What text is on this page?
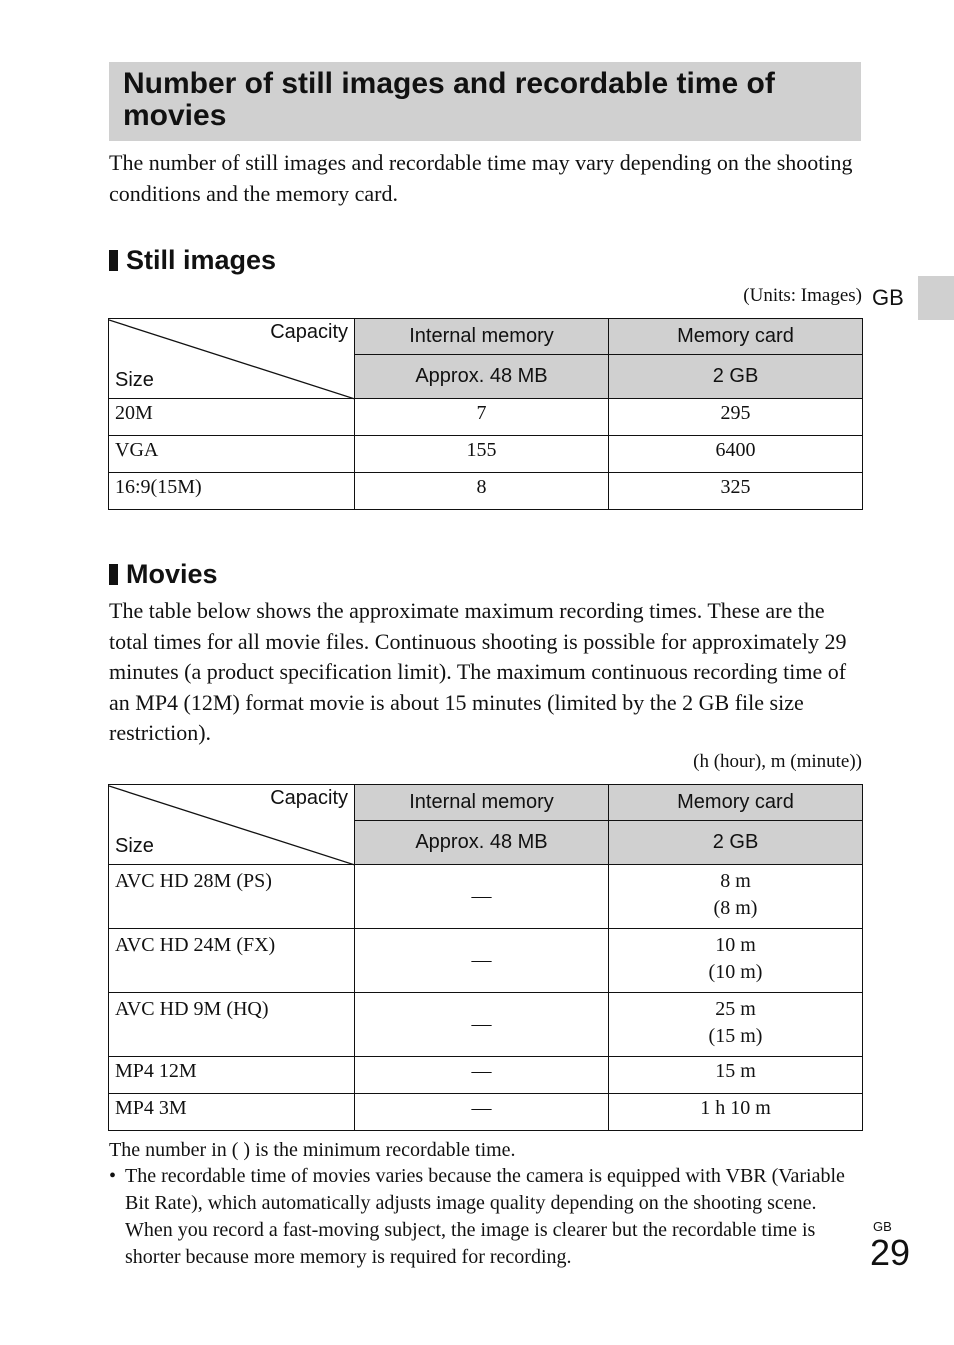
Number of still images and recordable time of movies
The number of still images and recordable time may vary depending on the shooting conditions and the memory card.
GB
Still images
(Units: Images)
Capacity
Size	Internal memory	Memory card
	Approx. 48 MB	2 GB

20M	7	295

VGA	155	6400

16:9(15M)	8	325
Movies
The table below shows the approximate maximum recording times. These are the total times for all movie files. Continuous shooting is possible for approximately 29 minutes (a product specification limit). The maximum continuous recording time of an MP4 (12M) format movie is about 15 minutes (limited by the 2 GB file size restriction).
(h (hour), m (minute))
Capacity
Size	Internal memory	Memory card
	Approx. 48 MB	2 GB

AVC HD 28M (PS)	—	8 m
(8 m)

AVC HD 24M (FX)	—	10 m
(10 m)

AVC HD 9M (HQ)	—	25 m
(15 m)

MP4 12M	—	15 m

MP4 3M	—	1 h 10 m
The number in ( ) is the minimum recordable time.
• The recordable time of movies varies because the camera is equipped with VBR (Variable Bit Rate), which automatically adjusts image quality depending on the shooting scene. When you record a fast-moving subject, the image is clearer but the recordable time is shorter because more memory is required for recording.
GB
29
